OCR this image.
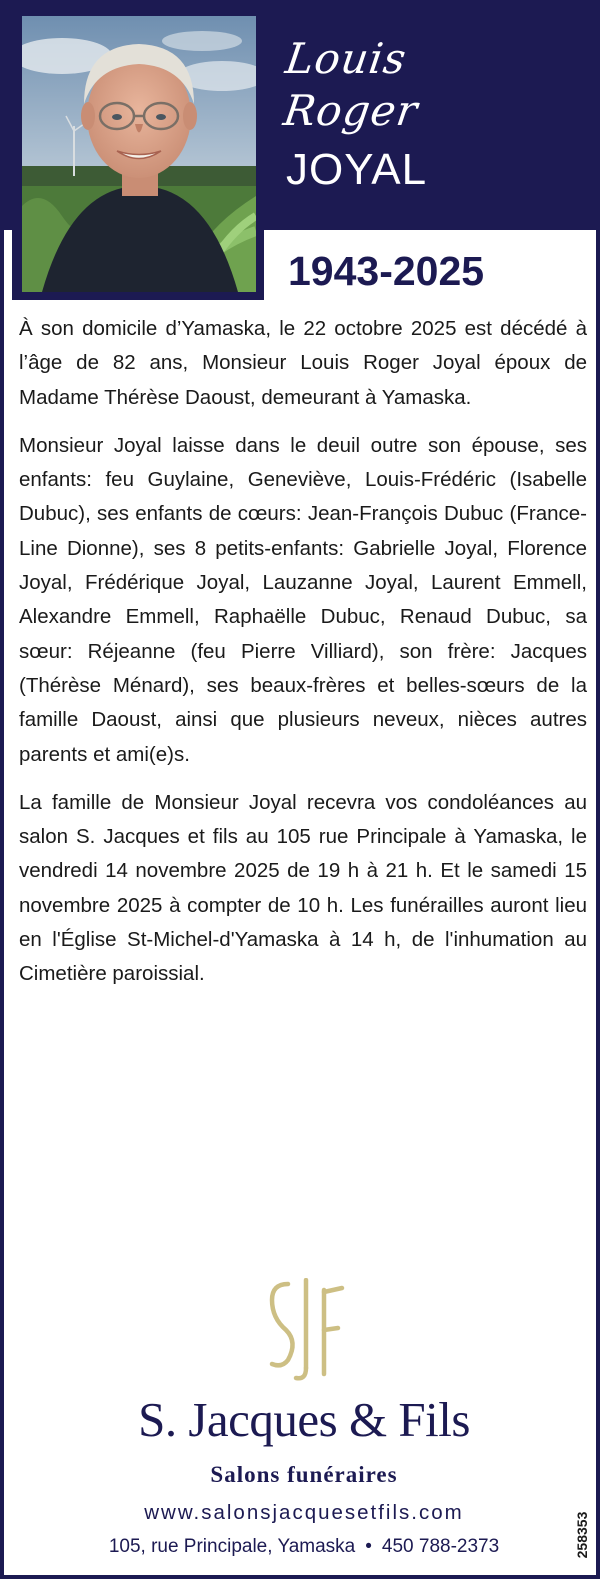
Louis
Roger
JOYAL
1943-2025

À son domicile d’Yamaska, le 22 octobre 2025 est décédé à l’âge de 82 ans, Monsieur Louis Roger Joyal époux de Madame Thérèse Daoust, demeurant à Yamaska.

Monsieur Joyal laisse dans le deuil outre son épouse, ses enfants: feu Guylaine, Geneviève, Louis-Frédéric (Isabelle Dubuc), ses enfants de cœurs: Jean-François Dubuc (France-Line Dionne), ses 8 petits-enfants: Gabrielle Joyal, Florence Joyal, Frédérique Joyal, Lauzanne Joyal, Laurent Emmell, Alexandre Emmell, Raphaëlle Dubuc, Renaud Dubuc, sa sœur: Réjeanne (feu Pierre Villiard), son frère: Jacques (Thérèse Ménard), ses beaux-frères et belles-sœurs de la famille Daoust, ainsi que plusieurs neveux, nièces autres parents et ami(e)s.

La famille de Monsieur Joyal recevra vos condoléances au salon S. Jacques et fils au 105 rue Principale à Yamaska, le vendredi 14 novembre 2025 de 19 h à 21 h. Et le samedi 15 novembre 2025 à compter de 10 h. Les funérailles auront lieu en l'Église St-Michel-d'Yamaska à 14 h, de l'inhumation au Cimetière paroissial.

S. Jacques & Fils
Salons funéraires
www.salonsjacquesetfils.com
105, rue Principale, Yamaska • 450 788-2373	258353
